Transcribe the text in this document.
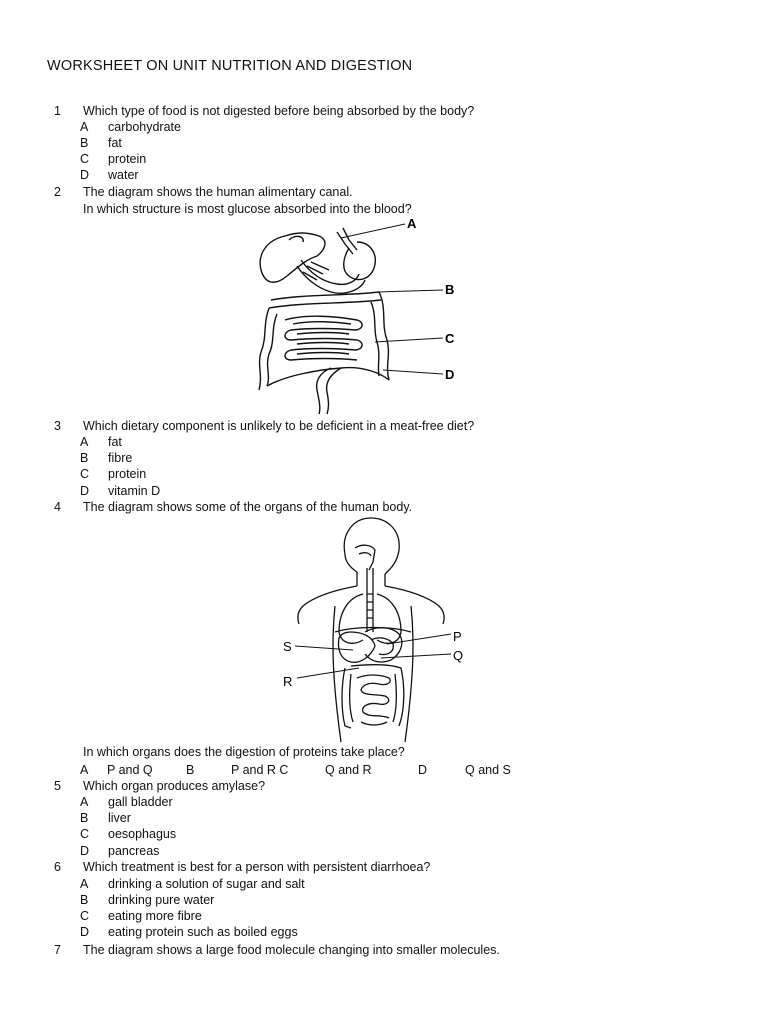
WORKSHEET ON UNIT NUTRITION AND DIGESTION
1 Which type of food is not digested before being absorbed by the body?
A carbohydrate
B fat
C protein
D water
2 The diagram shows the human alimentary canal.
In which structure is most glucose absorbed into the blood?
A
B
C
D
3 Which dietary component is unlikely to be deficient in a meat-free diet?
A fat
B fibre
C protein
D vitamin D
4 The diagram shows some of the organs of the human body.
P
Q
R
S
In which organs does the digestion of proteins take place?
A P and Q	B	P and R C	Q and R	D	Q and S
5 Which organ produces amylase?
A gall bladder
B liver
C oesophagus
D pancreas
6 Which treatment is best for a person with persistent diarrhoea?
A drinking a solution of sugar and salt
B drinking pure water
C eating more fibre
D eating protein such as boiled eggs
7 The diagram shows a large food molecule changing into smaller molecules.
